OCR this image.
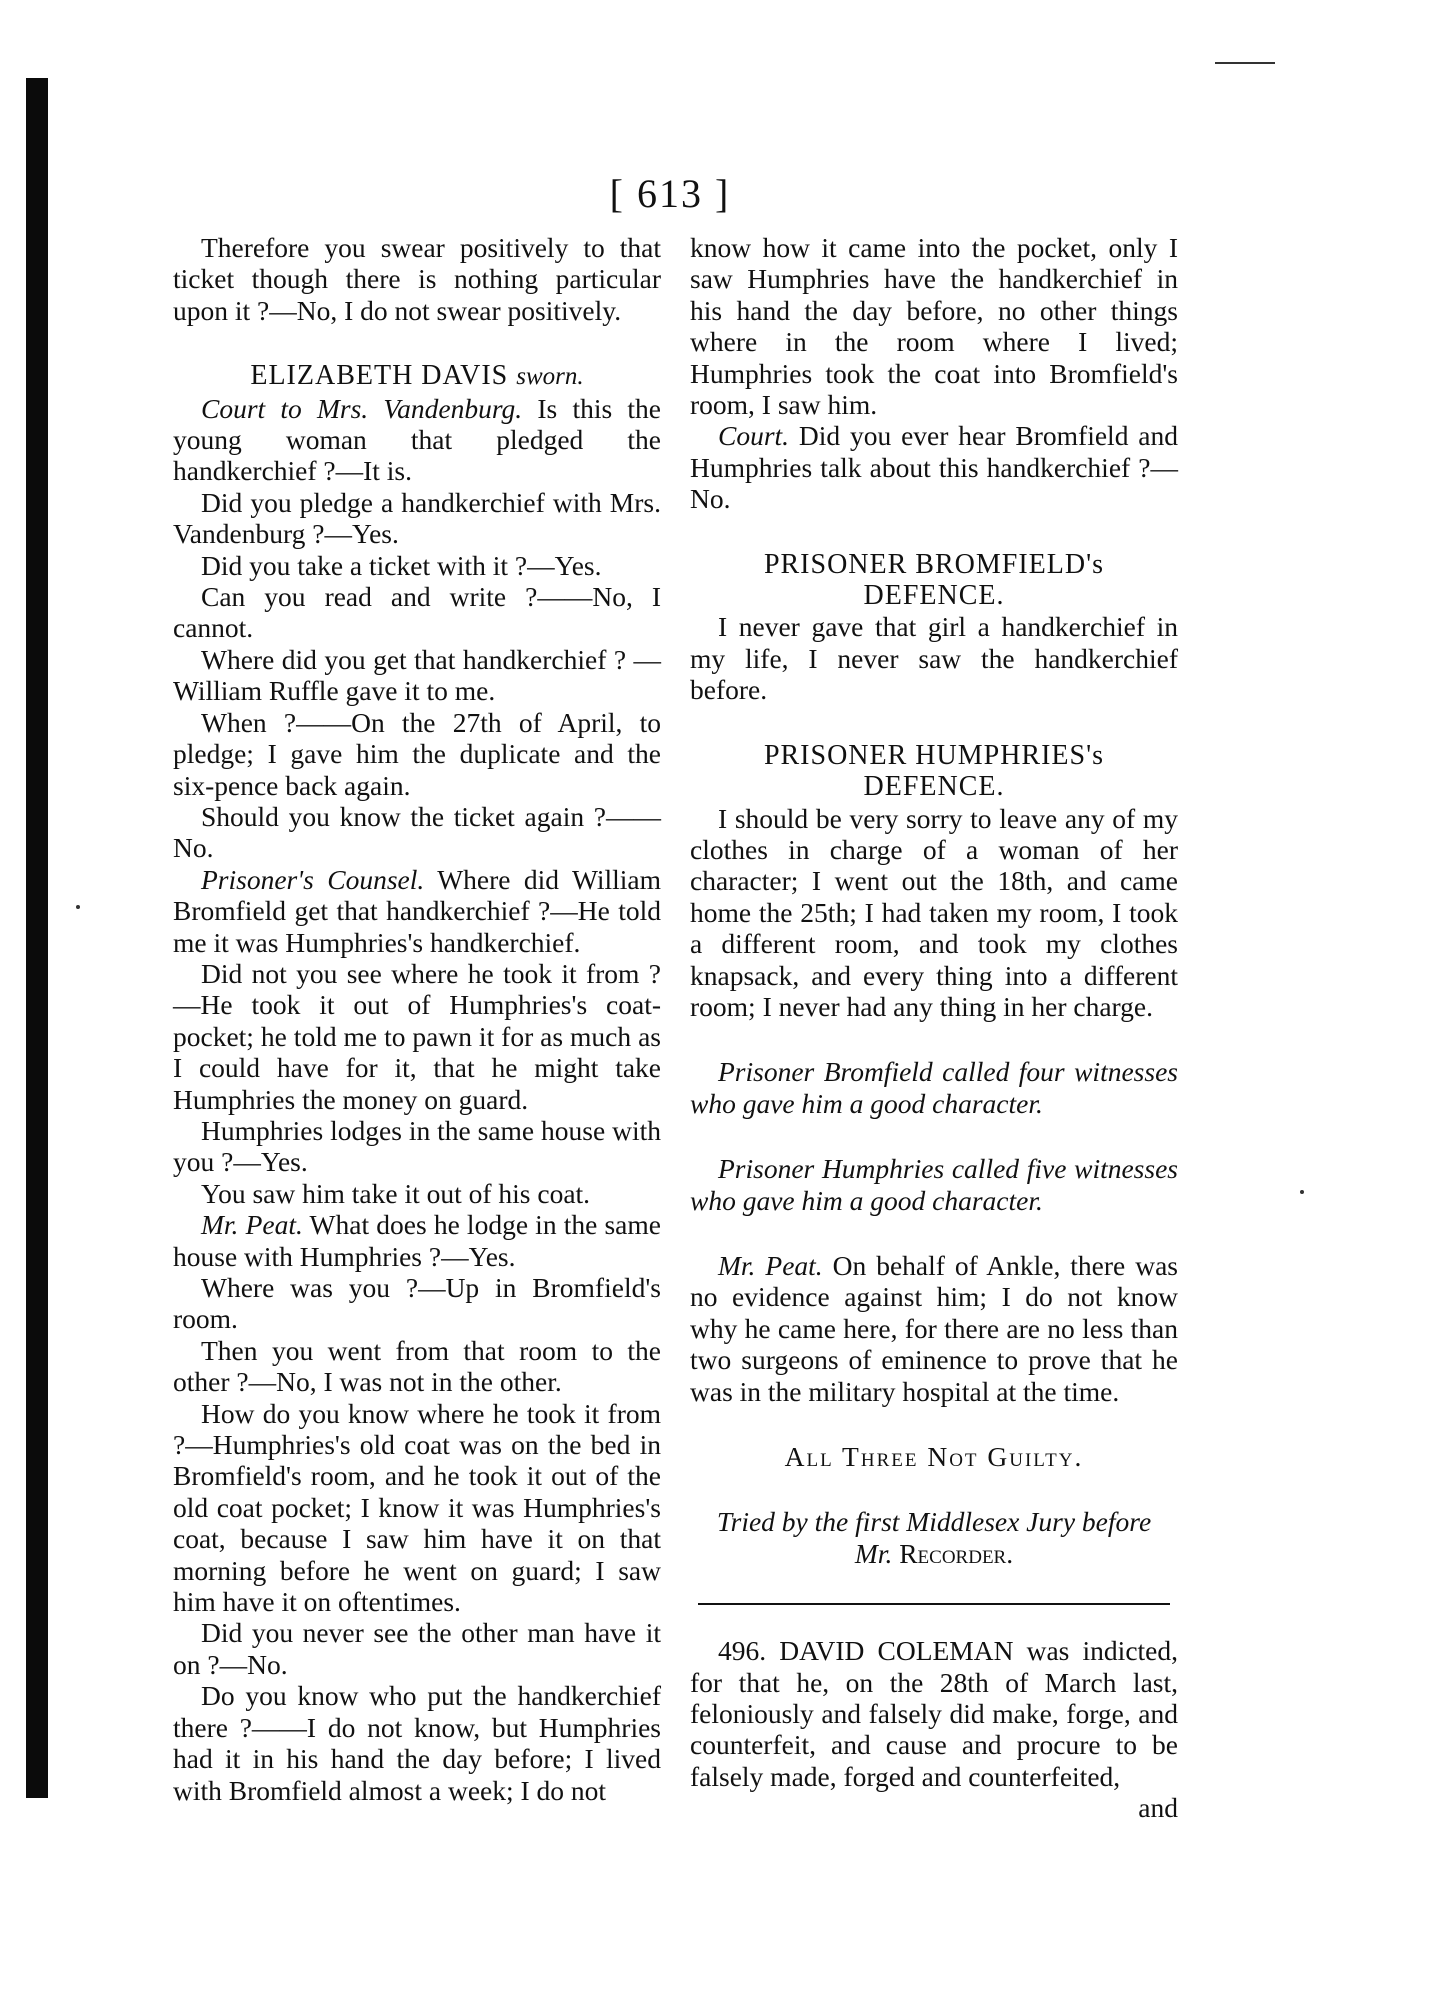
[ 613 ]

Therefore you swear positively to that ticket though there is nothing particular upon it ?—No, I do not swear positively.

ELIZABETH DAVIS sworn.

Court to Mrs. Vandenburg. Is this the young woman that pledged the handkerchief ?—It is.

Did you pledge a handkerchief with Mrs. Vandenburg ?—Yes.

Did you take a ticket with it ?—Yes.

Can you read and write ?——No, I cannot.

Where did you get that handkerchief ? —William Ruffle gave it to me.

When ?——On the 27th of April, to pledge; I gave him the duplicate and the six-pence back again.

Should you know the ticket again ?—— No.

Prisoner's Counsel. Where did William Bromfield get that handkerchief ?—He told me it was Humphries's handkerchief.

Did not you see where he took it from ? —He took it out of Humphries's coat-pocket; he told me to pawn it for as much as I could have for it, that he might take Humphries the money on guard.

Humphries lodges in the same house with you ?—Yes.

You saw him take it out of his coat.

Mr. Peat. What does he lodge in the same house with Humphries ?—Yes.

Where was you ?—Up in Bromfield's room.

Then you went from that room to the other ?—No, I was not in the other.

How do you know where he took it from ?—Humphries's old coat was on the bed in Bromfield's room, and he took it out of the old coat pocket; I know it was Humphries's coat, because I saw him have it on that morning before he went on guard; I saw him have it on oftentimes.

Did you never see the other man have it on ?—No.

Do you know who put the handkerchief there ?——I do not know, but Humphries had it in his hand the day before; I lived with Bromfield almost a week; I do not

know how it came into the pocket, only I saw Humphries have the handkerchief in his hand the day before, no other things where in the room where I lived; Humphries took the coat into Bromfield's room, I saw him.

Court. Did you ever hear Bromfield and Humphries talk about this handkerchief ?—No.

PRISONER BROMFIELD's
DEFENCE.

I never gave that girl a handkerchief in my life, I never saw the handkerchief before.

PRISONER HUMPHRIES's
DEFENCE.

I should be very sorry to leave any of my clothes in charge of a woman of her character; I went out the 18th, and came home the 25th; I had taken my room, I took a different room, and took my clothes knapsack, and every thing into a different room; I never had any thing in her charge.

Prisoner Bromfield called four witnesses who gave him a good character.

Prisoner Humphries called five witnesses who gave him a good character.

Mr. Peat. On behalf of Ankle, there was no evidence against him; I do not know why he came here, for there are no less than two surgeons of eminence to prove that he was in the military hospital at the time.

All Three Not Guilty.

Tried by the first Middlesex Jury before
Mr. Recorder.

496. DAVID COLEMAN was indicted, for that he, on the 28th of March last, feloniously and falsely did make, forge, and counterfeit, and cause and procure to be falsely made, forged and counterfeited,

and
